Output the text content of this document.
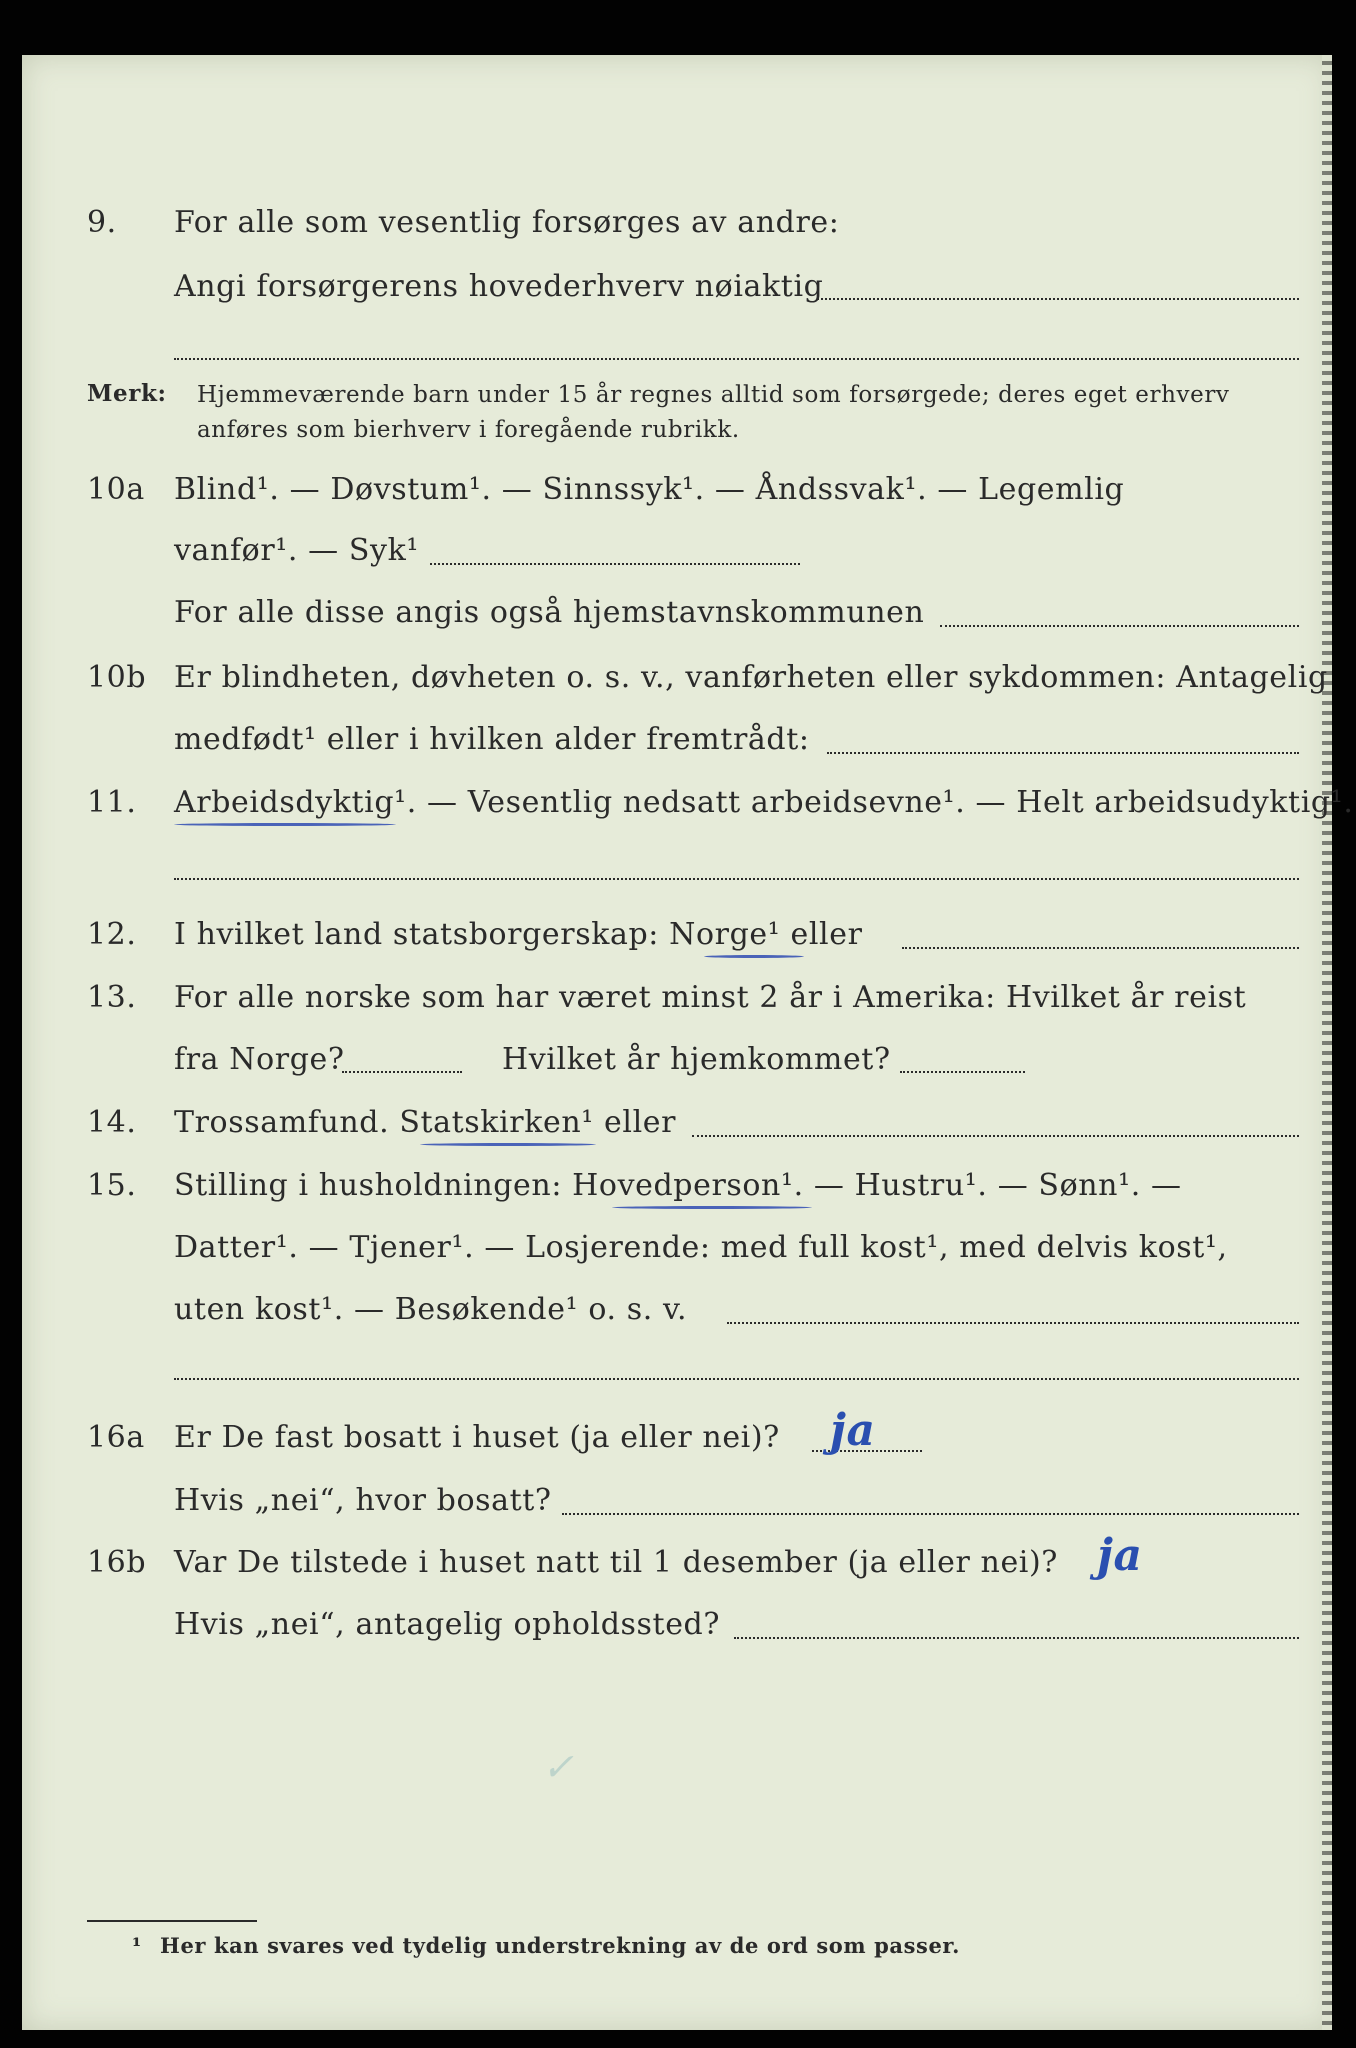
9. For alle som vesentlig forsørges av andre:
Angi forsørgerens hovederhverv nøiaktig
Merk: Hjemmeværende barn under 15 år regnes alltid som forsørgede; deres eget erhverv
anføres som bierhverv i foregående rubrikk.
10a Blind¹. — Døvstum¹. — Sinnssyk¹. — Åndssvak¹. — Legemlig
vanfør¹. — Syk¹
For alle disse angis også hjemstavnskommunen
10b Er blindheten, døvheten o. s. v., vanførheten eller sykdommen: Antagelig
medfødt¹ eller i hvilken alder fremtrådt:
11. Arbeidsdyktig¹. — Vesentlig nedsatt arbeidsevne¹. — Helt arbeidsudyktig¹.
12. I hvilket land statsborgerskap: Norge¹ eller
13. For alle norske som har været minst 2 år i Amerika: Hvilket år reist
fra Norge?	Hvilket år hjemkommet?
14. Trossamfund. Statskirken¹ eller
15. Stilling i husholdningen: Hovedperson¹. — Hustru¹. — Sønn¹. —
Datter¹. — Tjener¹. — Losjerende: med full kost¹, med delvis kost¹,
uten kost¹. — Besøkende¹ o. s. v.
16a Er De fast bosatt i huset (ja eller nei)? ja
Hvis „nei“, hvor bosatt?
16b Var De tilstede i huset natt til 1 desember (ja eller nei)? ja
Hvis „nei“, antagelig opholdssted?
✓
¹ Her kan svares ved tydelig understrekning av de ord som passer.
